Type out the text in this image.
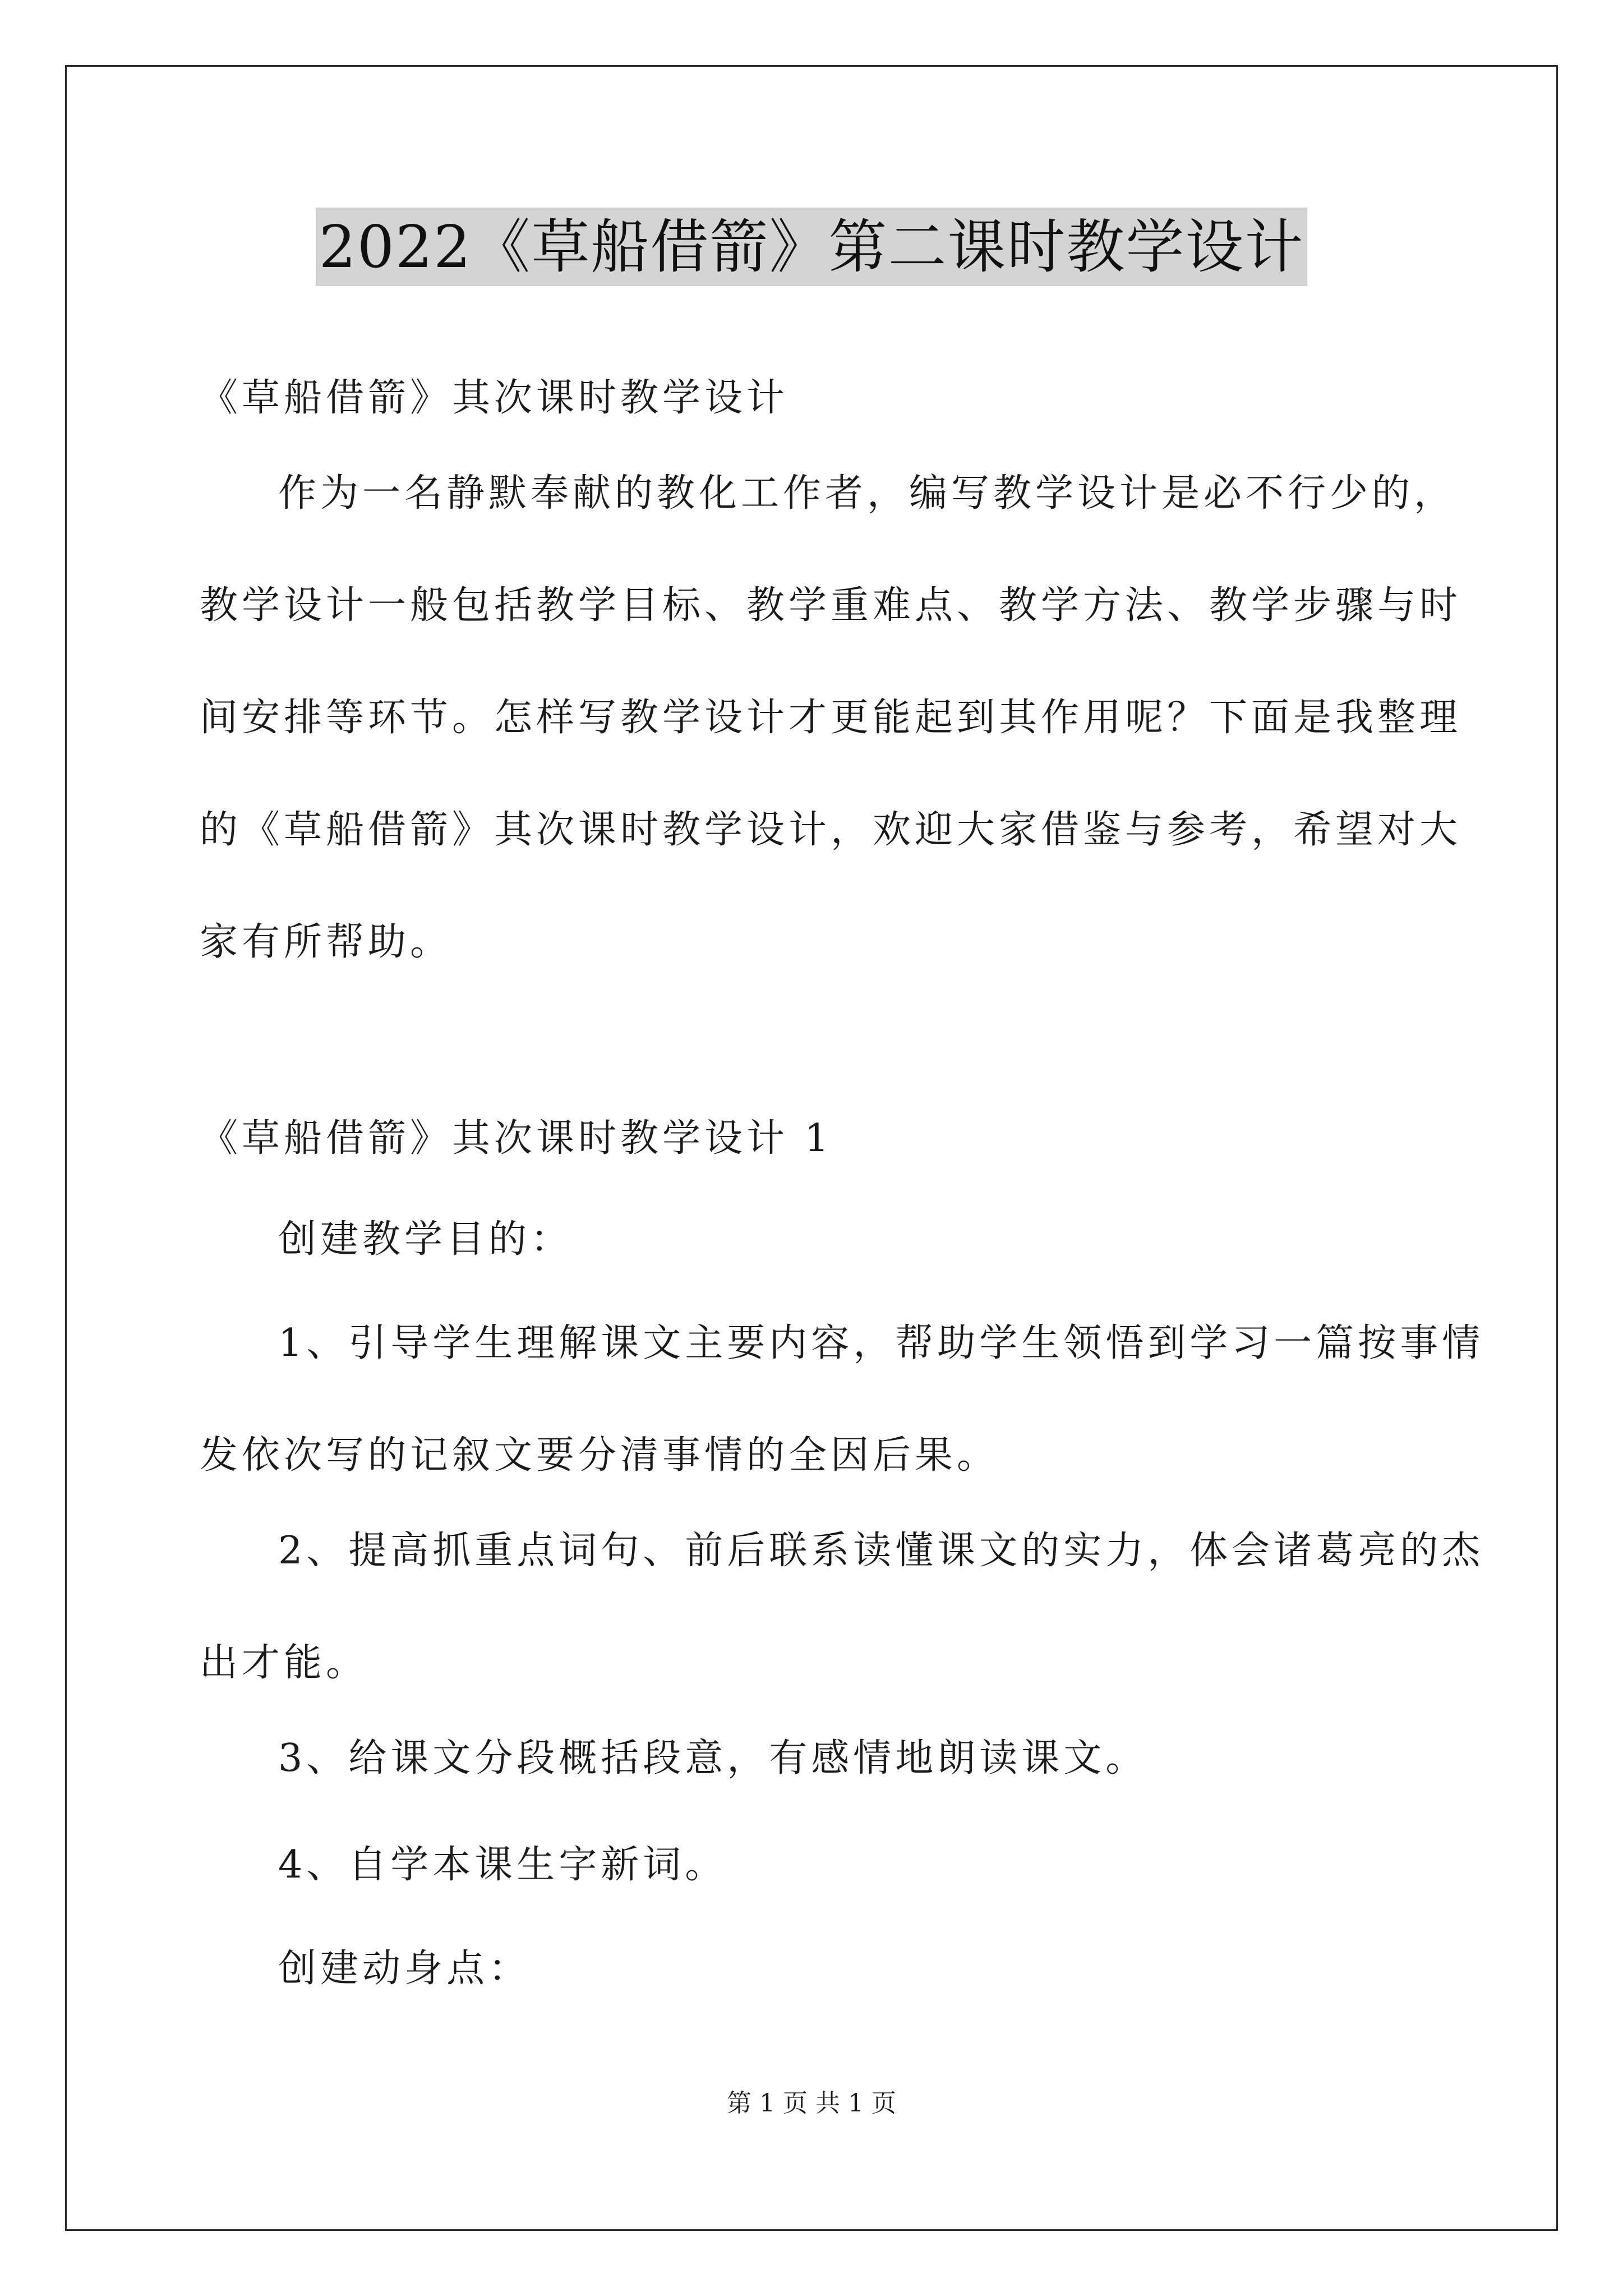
2022《草船借箭》第二课时教学设计

《草船借箭》其次课时教学设计

作为一名静默奉献的教化工作者，编写教学设计是必不行少的，
教学设计一般包括教学目标、教学重难点、教学方法、教学步骤与时
间安排等环节。怎样写教学设计才更能起到其作用呢？下面是我整理
的《草船借箭》其次课时教学设计，欢迎大家借鉴与参考，希望对大
家有所帮助。

《草船借箭》其次课时教学设计 1

创建教学目的：

1、引导学生理解课文主要内容，帮助学生领悟到学习一篇按事情
发依次写的记叙文要分清事情的全因后果。
2、提高抓重点词句、前后联系读懂课文的实力，体会诸葛亮的杰
出才能。

3、给课文分段概括段意，有感情地朗读课文。

4、自学本课生字新词。

创建动身点：

第 1 页 共 1 页
